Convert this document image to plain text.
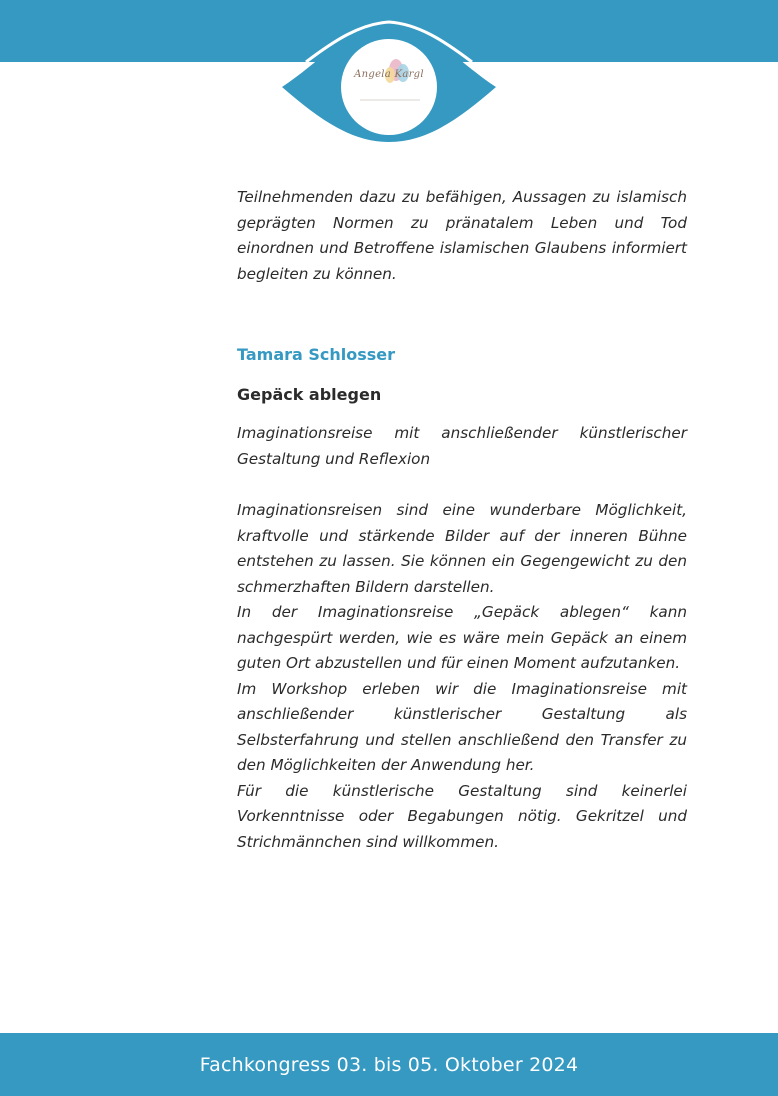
Angela Kargl

Teilnehmenden dazu zu befähigen, Aussagen zu islamisch geprägten Normen zu pränatalem Leben und Tod einordnen und Betroffene islamischen Glaubens informiert begleiten zu können.

Tamara Schlosser

Gepäck ablegen

Imaginationsreise mit anschließender künstlerischer Gestaltung und Reflexion

Imaginationsreisen sind eine wunderbare Möglichkeit, kraftvolle und stärkende Bilder auf der inneren Bühne entstehen zu lassen. Sie können ein Gegengewicht zu den schmerzhaften Bildern darstellen.

In der Imaginationsreise „Gepäck ablegen“ kann nachgespürt werden, wie es wäre mein Gepäck an einem guten Ort abzustellen und für einen Moment aufzutanken.

Im Workshop erleben wir die Imaginationsreise mit anschließender künstlerischer Gestaltung als Selbsterfahrung und stellen anschließend den Transfer zu den Möglichkeiten der Anwendung her.

Für die künstlerische Gestaltung sind keinerlei Vorkenntnisse oder Begabungen nötig. Gekritzel und Strichmännchen sind willkommen.

Fachkongress 03. bis 05. Oktober 2024
